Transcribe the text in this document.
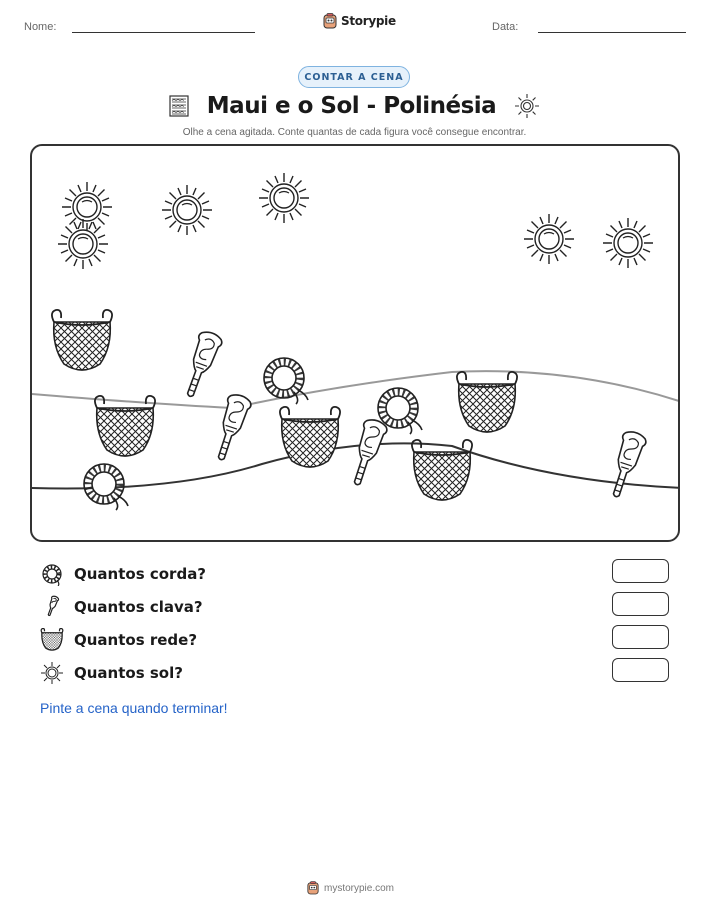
Nome:	Storypie	Data:
CONTAR A CENA
Maui e o Sol - Polinésia
Olhe a cena agitada. Conte quantas de cada figura você consegue encontrar.
Quantos corda?
Quantos clava?
Quantos rede?
Quantos sol?
Pinte a cena quando terminar!
mystorypie.com
